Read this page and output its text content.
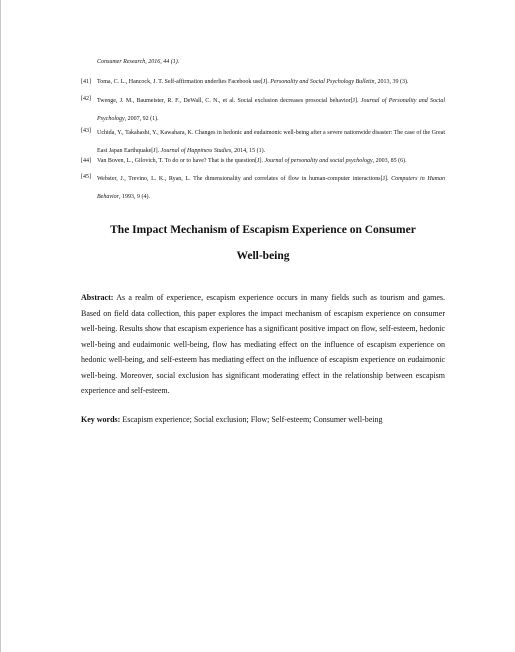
Consumer Research, 2016, 44 (1).
[41] Toma, C. L., Hancock, J. T. Self-affirmation underlies Facebook use[J]. Personality and Social Psychology Bulletin, 2013, 39 (3).
[42] Twenge, J. M., Baumeister, R. F., DeWall, C. N., et al. Social exclusion decreases prosocial behavior[J]. Journal of Personality and Social Psychology, 2007, 92 (1).
[43] Uchida, Y., Takahashi, Y., Kawahara, K. Changes in hedonic and eudaimonic well-being after a severe nationwide disaster: The case of the Great East Japan Earthquake[J]. Journal of Happiness Studies, 2014, 15 (1).
[44] Van Boven, L., Gilovich, T. To do or to have? That is the question[J]. Journal of personality and social psychology, 2003, 85 (6).
[45] Webster, J., Trevino, L. K., Ryan, L. The dimensionality and correlates of flow in human-computer interactions[J]. Computers in Human Behavior, 1993, 9 (4).
The Impact Mechanism of Escapism Experience on Consumer
Well-being
Abstract: As a realm of experience, escapism experience occurs in many fields such as tourism and games. Based on field data collection, this paper explores the impact mechanism of escapism experience on consumer well-being. Results show that escapism experience has a significant positive impact on flow, self-esteem, hedonic well-being and eudaimonic well-being, flow has mediating effect on the influence of escapism experience on hedonic well-being, and self-esteem has mediating effect on the influence of escapism experience on eudaimonic well-being. Moreover, social exclusion has significant moderating effect in the relationship between escapism experience and self-esteem.
Key words: Escapism experience; Social exclusion; Flow; Self-esteem; Consumer well-being
